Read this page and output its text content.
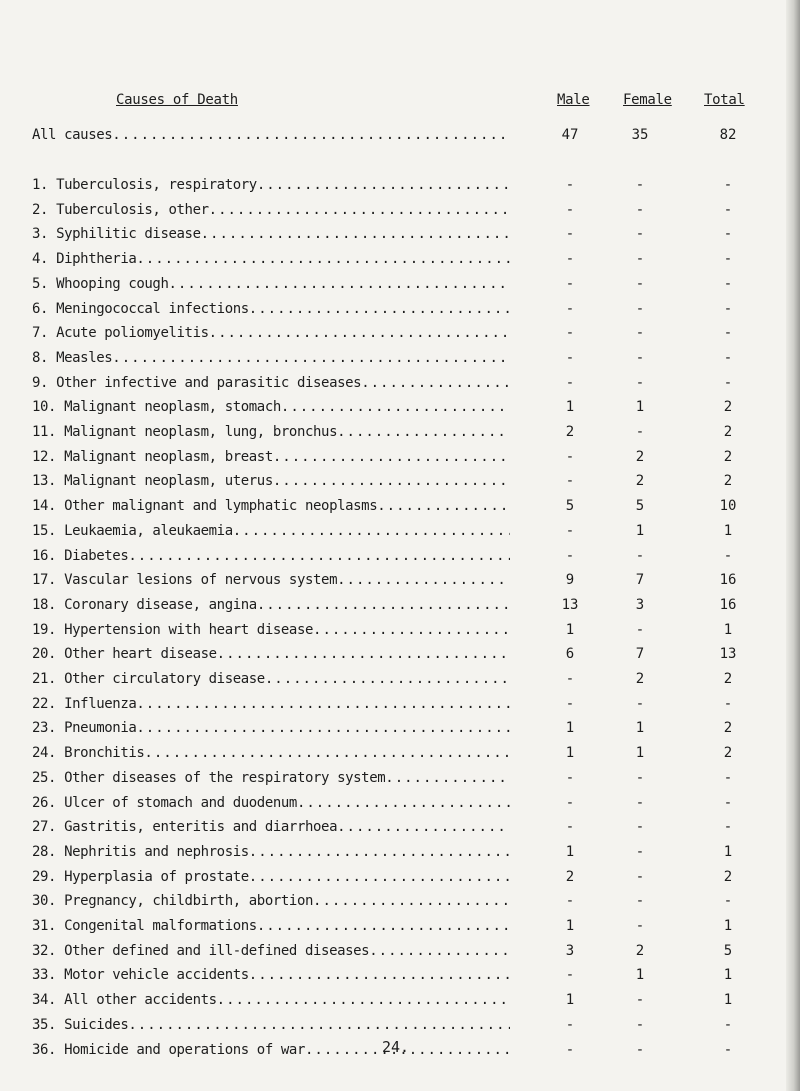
Causes of Death	Male Female Total
All causes .....	47	35	82
1. Tuberculosis, respiratory .....	-	-	-
2. Tuberculosis, other .....	-	-	-
3. Syphilitic disease .....	-	-	-
4. Diphtheria .....	-	-	-
5. Whooping cough .....	-	-	-
6. Meningococcal infections .....	-	-	-
7. Acute poliomyelitis .....	-	-	-
8. Measles .....	-	-	-
9. Other infective and parasitic diseases .....	-	-	-
10. Malignant neoplasm, stomach .....	1	1	2
11. Malignant neoplasm, lung, bronchus .....	2	-	2
12. Malignant neoplasm, breast .....	-	2	2
13. Malignant neoplasm, uterus .....	-	2	2
14. Other malignant and lymphatic neoplasms .....	5	5	10
15. Leukaemia, aleukaemia .....	-	1	1
16. Diabetes .....	-	-	-
17. Vascular lesions of nervous system .....	9	7	16
18. Coronary disease, angina .....	13	3	16
19. Hypertension with heart disease .....	1	-	1
20. Other heart disease .....	6	7	13
21. Other circulatory disease .....	-	2	2
22. Influenza .....	-	-	-
23. Pneumonia .....	1	1	2
24. Bronchitis .....	1	1	2
25. Other diseases of the respiratory system .....	-	-	-
26. Ulcer of stomach and duodenum .....	-	-	-
27. Gastritis, enteritis and diarrhoea .....	-	-	-
28. Nephritis and nephrosis .....	1	-	1
29. Hyperplasia of prostate .....	2	-	2
30. Pregnancy, childbirth, abortion .....	-	-	-
31. Congenital malformations .....	1	-	1
32. Other defined and ill-defined diseases .....	3	2	5
33. Motor vehicle accidents .....	-	1	1
34. All other accidents .....	1	-	1
35. Suicides .....	-	-	-
36. Homicide and operations of war .....	-	-	-
24.
